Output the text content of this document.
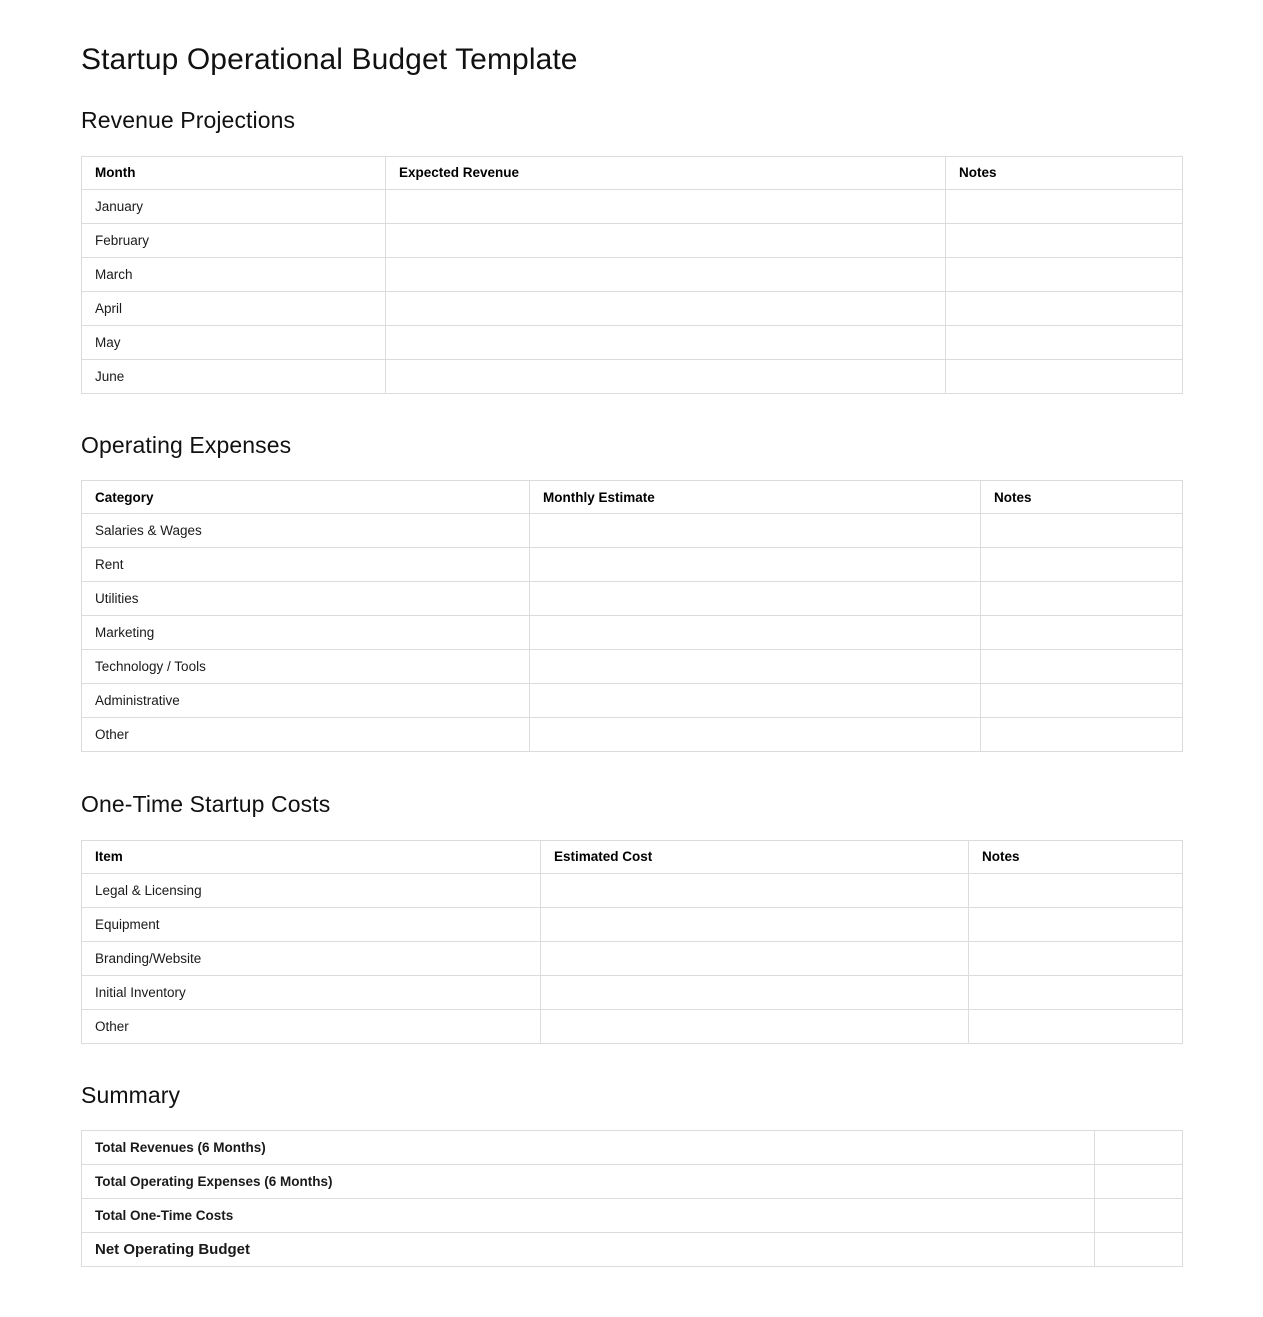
Startup Operational Budget Template
Revenue Projections
Month	Expected Revenue	Notes
January		
February		
March		
April		
May		
June		
Operating Expenses
Category	Monthly Estimate	Notes
Salaries & Wages		
Rent		
Utilities		
Marketing		
Technology / Tools		
Administrative		
Other		
One-Time Startup Costs
Item	Estimated Cost	Notes
Legal & Licensing		
Equipment		
Branding/Website		
Initial Inventory		
Other		
Summary
Total Revenues (6 Months)	
Total Operating Expenses (6 Months)	
Total One-Time Costs	
Net Operating Budget	
